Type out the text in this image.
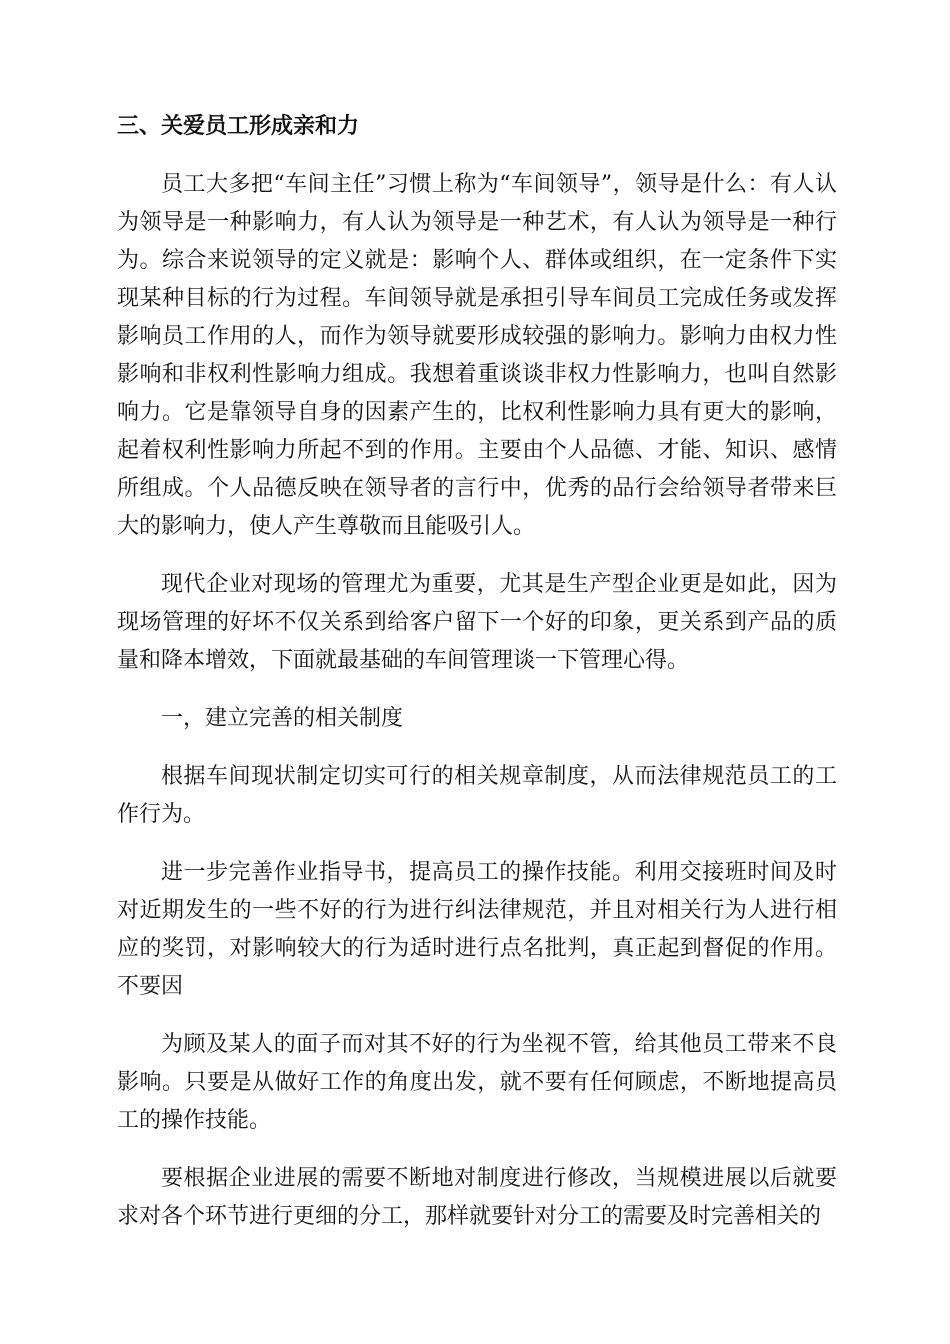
三、关爱员工形成亲和力

员工大多把“车间主任”习惯上称为“车间领导”，领导是什么：有人认为领导是一种影响力，有人认为领导是一种艺术，有人认为领导是一种行为。综合来说领导的定义就是：影响个人、群体或组织，在一定条件下实现某种目标的行为过程。车间领导就是承担引导车间员工完成任务或发挥影响员工作用的人，而作为领导就要形成较强的影响力。影响力由权力性影响和非权利性影响力组成。我想着重谈谈非权力性影响力，也叫自然影响力。它是靠领导自身的因素产生的，比权利性影响力具有更大的影响，起着权利性影响力所起不到的作用。主要由个人品德、才能、知识、感情所组成。个人品德反映在领导者的言行中，优秀的品行会给领导者带来巨大的影响力，使人产生尊敬而且能吸引人。

现代企业对现场的管理尤为重要，尤其是生产型企业更是如此，因为现场管理的好坏不仅关系到给客户留下一个好的印象，更关系到产品的质量和降本增效，下面就最基础的车间管理谈一下管理心得。

一，建立完善的相关制度

根据车间现状制定切实可行的相关规章制度，从而法律规范员工的工作行为。

进一步完善作业指导书，提高员工的操作技能。利用交接班时间及时对近期发生的一些不好的行为进行纠法律规范，并且对相关行为人进行相应的奖罚，对影响较大的行为适时进行点名批判，真正起到督促的作用。不要因

为顾及某人的面子而对其不好的行为坐视不管，给其他员工带来不良影响。只要是从做好工作的角度出发，就不要有任何顾虑，不断地提高员工的操作技能。

要根据企业进展的需要不断地对制度进行修改，当规模进展以后就要求对各个环节进行更细的分工，那样就要针对分工的需要及时完善相关的
